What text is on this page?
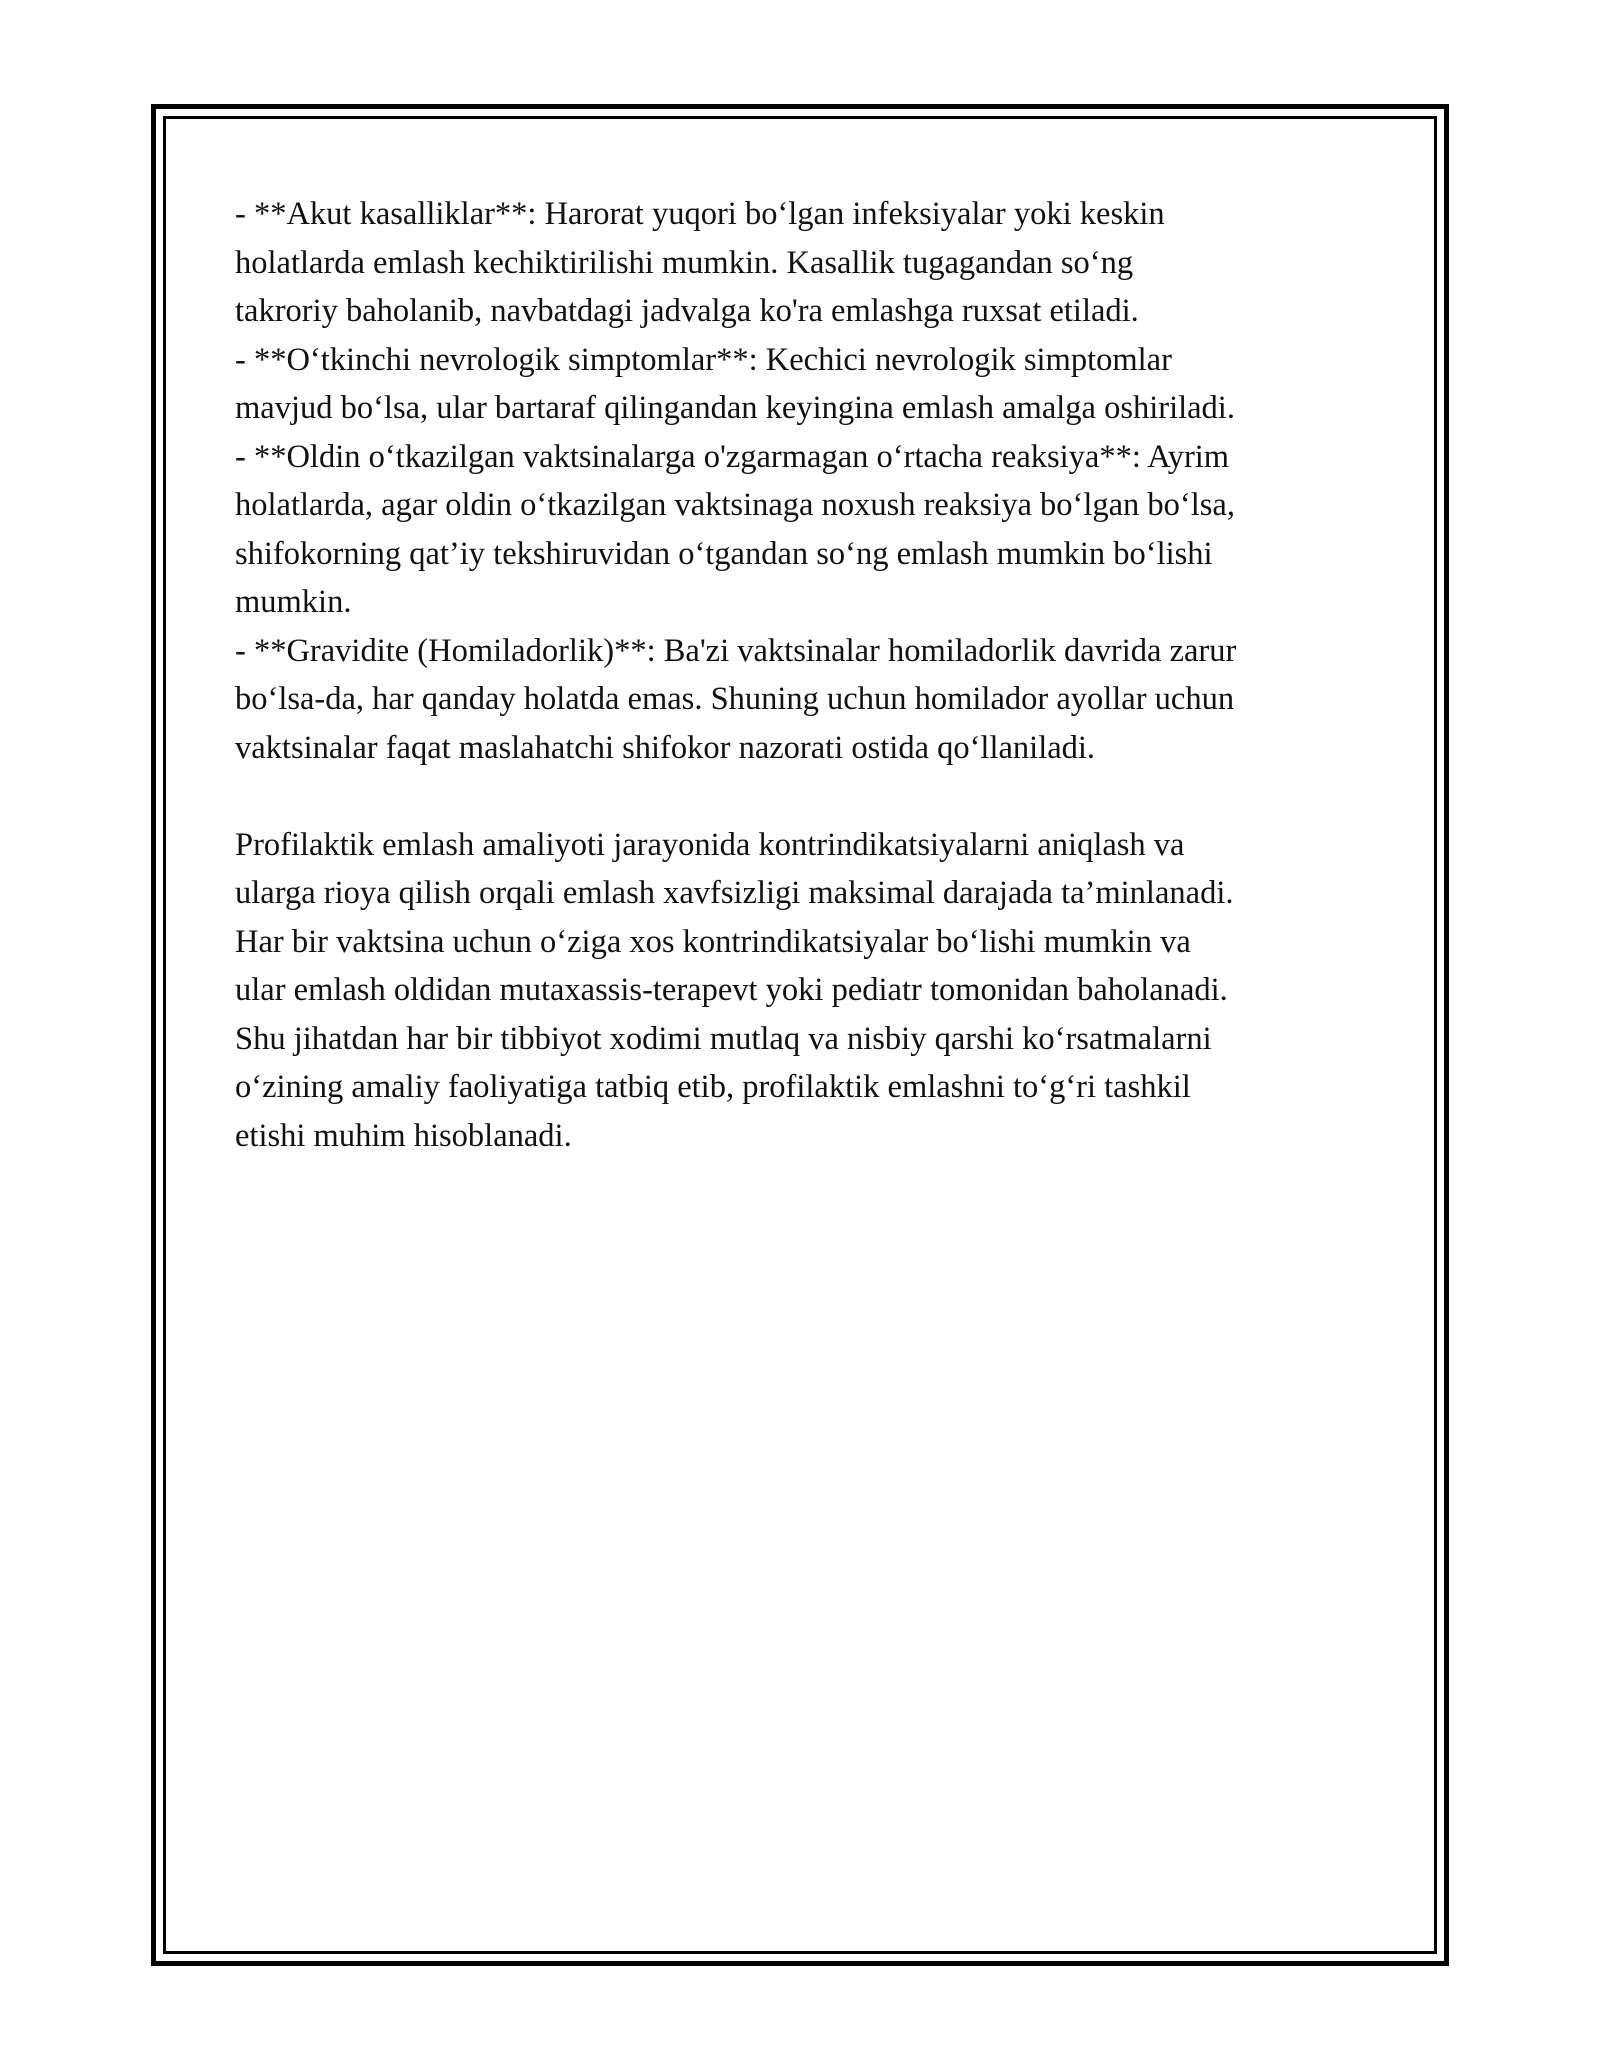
- **Akut kasalliklar**: Harorat yuqori bo‘lgan infeksiyalar yoki keskin
holatlarda emlash kechiktirilishi mumkin. Kasallik tugagandan so‘ng
takroriy baholanib, navbatdagi jadvalga ko'ra emlashga ruxsat etiladi.
- **O‘tkinchi nevrologik simptomlar**: Kechici nevrologik simptomlar
mavjud bo‘lsa, ular bartaraf qilingandan keyingina emlash amalga oshiriladi.
- **Oldin o‘tkazilgan vaktsinalarga o'zgarmagan o‘rtacha reaksiya**: Ayrim
holatlarda, agar oldin o‘tkazilgan vaktsinaga noxush reaksiya bo‘lgan bo‘lsa,
shifokorning qat’iy tekshiruvidan o‘tgandan so‘ng emlash mumkin bo‘lishi
mumkin.
- **Gravidite (Homiladorlik)**: Ba'zi vaktsinalar homiladorlik davrida zarur
bo‘lsa-da, har qanday holatda emas. Shuning uchun homilador ayollar uchun
vaktsinalar faqat maslahatchi shifokor nazorati ostida qo‘llaniladi.
Profilaktik emlash amaliyoti jarayonida kontrindikatsiyalarni aniqlash va
ularga rioya qilish orqali emlash xavfsizligi maksimal darajada ta’minlanadi.
Har bir vaktsina uchun o‘ziga xos kontrindikatsiyalar bo‘lishi mumkin va
ular emlash oldidan mutaxassis-terapevt yoki pediatr tomonidan baholanadi.
Shu jihatdan har bir tibbiyot xodimi mutlaq va nisbiy qarshi ko‘rsatmalarni
o‘zining amaliy faoliyatiga tatbiq etib, profilaktik emlashni to‘g‘ri tashkil
etishi muhim hisoblanadi.
